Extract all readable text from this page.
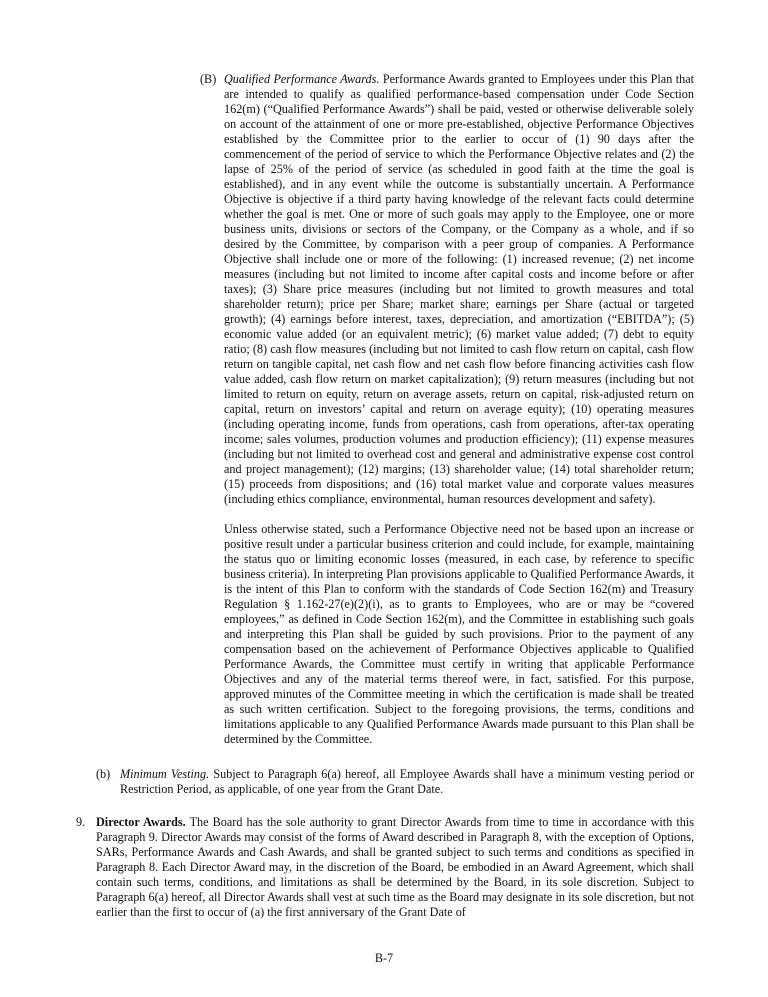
(B) Qualified Performance Awards. Performance Awards granted to Employees under this Plan that are intended to qualify as qualified performance-based compensation under Code Section 162(m) (“Qualified Performance Awards”) shall be paid, vested or otherwise deliverable solely on account of the attainment of one or more pre-established, objective Performance Objectives established by the Committee prior to the earlier to occur of (1) 90 days after the commencement of the period of service to which the Performance Objective relates and (2) the lapse of 25% of the period of service (as scheduled in good faith at the time the goal is established), and in any event while the outcome is substantially uncertain. A Performance Objective is objective if a third party having knowledge of the relevant facts could determine whether the goal is met. One or more of such goals may apply to the Employee, one or more business units, divisions or sectors of the Company, or the Company as a whole, and if so desired by the Committee, by comparison with a peer group of companies. A Performance Objective shall include one or more of the following: (1) increased revenue; (2) net income measures (including but not limited to income after capital costs and income before or after taxes); (3) Share price measures (including but not limited to growth measures and total shareholder return); price per Share; market share; earnings per Share (actual or targeted growth); (4) earnings before interest, taxes, depreciation, and amortization (“EBITDA”); (5) economic value added (or an equivalent metric); (6) market value added; (7) debt to equity ratio; (8) cash flow measures (including but not limited to cash flow return on capital, cash flow return on tangible capital, net cash flow and net cash flow before financing activities cash flow value added, cash flow return on market capitalization); (9) return measures (including but not limited to return on equity, return on average assets, return on capital, risk-adjusted return on capital, return on investors’ capital and return on average equity); (10) operating measures (including operating income, funds from operations, cash from operations, after-tax operating income; sales volumes, production volumes and production efficiency); (11) expense measures (including but not limited to overhead cost and general and administrative expense cost control and project management); (12) margins; (13) shareholder value; (14) total shareholder return; (15) proceeds from dispositions; and (16) total market value and corporate values measures (including ethics compliance, environmental, human resources development and safety).

Unless otherwise stated, such a Performance Objective need not be based upon an increase or positive result under a particular business criterion and could include, for example, maintaining the status quo or limiting economic losses (measured, in each case, by reference to specific business criteria). In interpreting Plan provisions applicable to Qualified Performance Awards, it is the intent of this Plan to conform with the standards of Code Section 162(m) and Treasury Regulation § 1.162-27(e)(2)(i), as to grants to Employees, who are or may be “covered employees,” as defined in Code Section 162(m), and the Committee in establishing such goals and interpreting this Plan shall be guided by such provisions. Prior to the payment of any compensation based on the achievement of Performance Objectives applicable to Qualified Performance Awards, the Committee must certify in writing that applicable Performance Objectives and any of the material terms thereof were, in fact, satisfied. For this purpose, approved minutes of the Committee meeting in which the certification is made shall be treated as such written certification. Subject to the foregoing provisions, the terms, conditions and limitations applicable to any Qualified Performance Awards made pursuant to this Plan shall be determined by the Committee.

(b) Minimum Vesting. Subject to Paragraph 6(a) hereof, all Employee Awards shall have a minimum vesting period or Restriction Period, as applicable, of one year from the Grant Date.

9. Director Awards. The Board has the sole authority to grant Director Awards from time to time in accordance with this Paragraph 9. Director Awards may consist of the forms of Award described in Paragraph 8, with the exception of Options, SARs, Performance Awards and Cash Awards, and shall be granted subject to such terms and conditions as specified in Paragraph 8. Each Director Award may, in the discretion of the Board, be embodied in an Award Agreement, which shall contain such terms, conditions, and limitations as shall be determined by the Board, in its sole discretion. Subject to Paragraph 6(a) hereof, all Director Awards shall vest at such time as the Board may designate in its sole discretion, but not earlier than the first to occur of (a) the first anniversary of the Grant Date of

B-7
